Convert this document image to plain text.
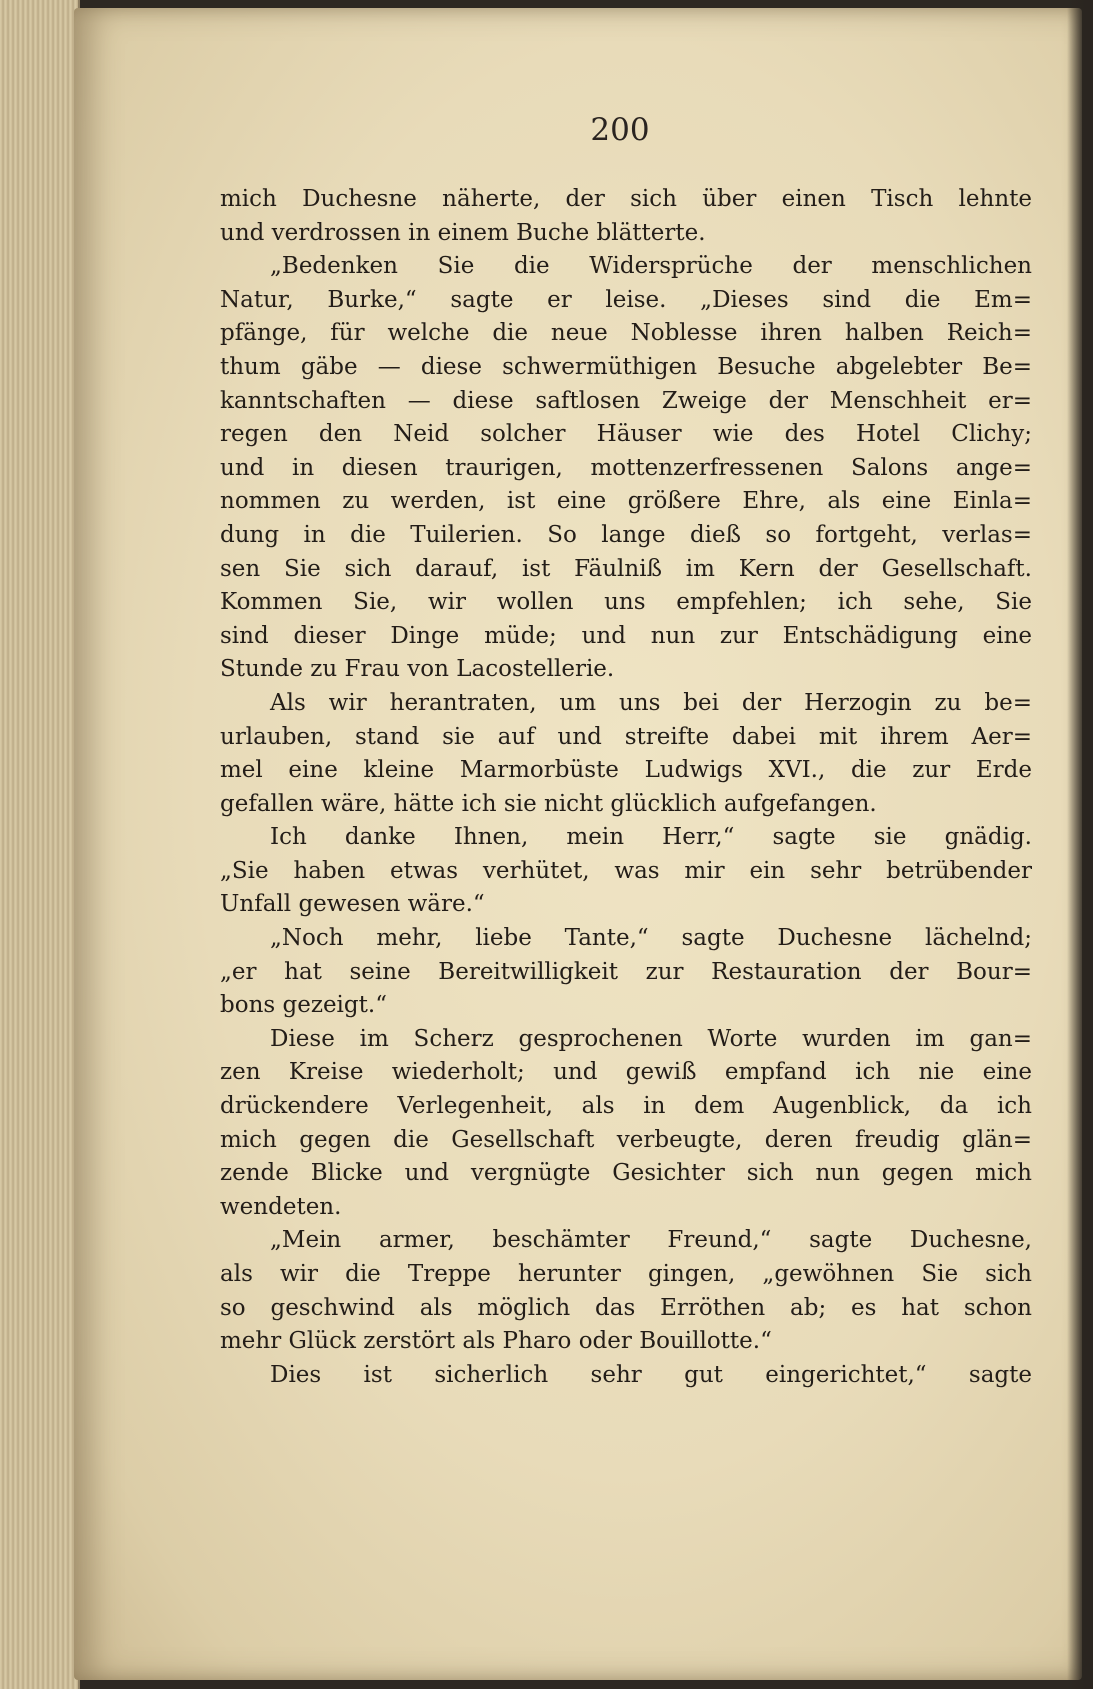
200
mich Duchesne näherte, der sich über einen Tisch lehnte
und verdrossen in einem Buche blätterte.
„Bedenken Sie die Widersprüche der menschlichen
Natur, Burke,“ sagte er leise. „Dieses sind die Em=
pfänge, für welche die neue Noblesse ihren halben Reich=
thum gäbe — diese schwermüthigen Besuche abgelebter Be=
kanntschaften — diese saftlosen Zweige der Menschheit er=
regen den Neid solcher Häuser wie des Hotel Clichy;
und in diesen traurigen, mottenzerfressenen Salons ange=
nommen zu werden, ist eine größere Ehre, als eine Einla=
dung in die Tuilerien. So lange dieß so fortgeht, verlas=
sen Sie sich darauf, ist Fäulniß im Kern der Gesellschaft.
Kommen Sie, wir wollen uns empfehlen; ich sehe, Sie
sind dieser Dinge müde; und nun zur Entschädigung eine
Stunde zu Frau von Lacostellerie.
Als wir herantraten, um uns bei der Herzogin zu be=
urlauben, stand sie auf und streifte dabei mit ihrem Aer=
mel eine kleine Marmorbüste Ludwigs XVI., die zur Erde
gefallen wäre, hätte ich sie nicht glücklich aufgefangen.
Ich danke Ihnen, mein Herr,“ sagte sie gnädig.
„Sie haben etwas verhütet, was mir ein sehr betrübender
Unfall gewesen wäre.“
„Noch mehr, liebe Tante,“ sagte Duchesne lächelnd;
„er hat seine Bereitwilligkeit zur Restauration der Bour=
bons gezeigt.“
Diese im Scherz gesprochenen Worte wurden im gan=
zen Kreise wiederholt; und gewiß empfand ich nie eine
drückendere Verlegenheit, als in dem Augenblick, da ich
mich gegen die Gesellschaft verbeugte, deren freudig glän=
zende Blicke und vergnügte Gesichter sich nun gegen mich
wendeten.
„Mein armer, beschämter Freund,“ sagte Duchesne,
als wir die Treppe herunter gingen, „gewöhnen Sie sich
so geschwind als möglich das Erröthen ab; es hat schon
mehr Glück zerstört als Pharo oder Bouillotte.“
Dies ist sicherlich sehr gut eingerichtet,“ sagte
